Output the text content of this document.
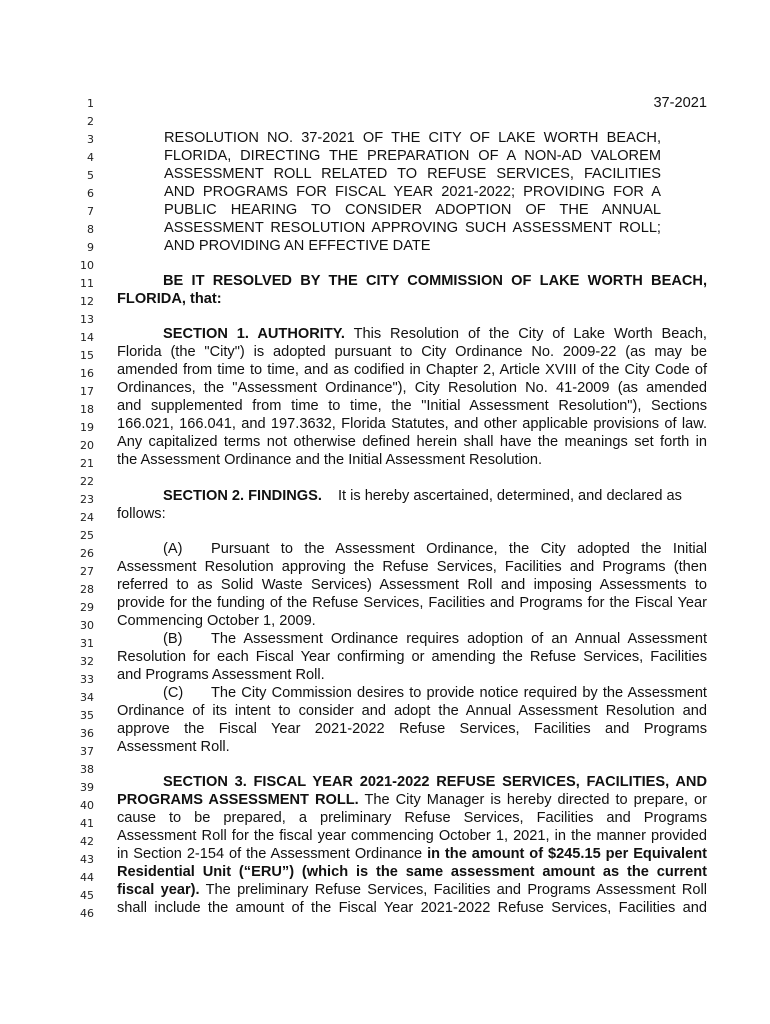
1
2
3
4
5
6
7
8
9
10
11
12
13
14
15
16
17
18
19
20
21
22
23
24
25
26
27
28
29
30
31
32
33
34
35
36
37
38
39
40
41
42
43
44
45
46
37-2021
RESOLUTION NO. 37-2021 OF THE CITY OF LAKE WORTH BEACH,
FLORIDA, DIRECTING THE PREPARATION OF A NON-AD VALOREM
ASSESSMENT ROLL RELATED TO REFUSE SERVICES, FACILITIES
AND PROGRAMS FOR FISCAL YEAR 2021-2022; PROVIDING FOR A
PUBLIC HEARING TO CONSIDER ADOPTION OF THE ANNUAL
ASSESSMENT RESOLUTION APPROVING SUCH ASSESSMENT ROLL;
AND PROVIDING AN EFFECTIVE DATE
BE IT RESOLVED BY THE CITY COMMISSION OF LAKE WORTH BEACH,
FLORIDA, that:
SECTION 1. AUTHORITY. This Resolution of the City of Lake Worth Beach,
Florida (the "City") is adopted pursuant to City Ordinance No. 2009-22 (as may be
amended from time to time, and as codified in Chapter 2, Article XVIII of the City Code of
Ordinances, the "Assessment Ordinance"), City Resolution No. 41-2009 (as amended
and supplemented from time to time, the "Initial Assessment Resolution"), Sections
166.021, 166.041, and 197.3632, Florida Statutes, and other applicable provisions of law.
Any capitalized terms not otherwise defined herein shall have the meanings set forth in
the Assessment Ordinance and the Initial Assessment Resolution.
SECTION 2. FINDINGS. It is hereby ascertained, determined, and declared as
follows:
(A) Pursuant to the Assessment Ordinance, the City adopted the Initial
Assessment Resolution approving the Refuse Services, Facilities and Programs (then
referred to as Solid Waste Services) Assessment Roll and imposing Assessments to
provide for the funding of the Refuse Services, Facilities and Programs for the Fiscal Year
Commencing October 1, 2009.
(B) The Assessment Ordinance requires adoption of an Annual Assessment
Resolution for each Fiscal Year confirming or amending the Refuse Services, Facilities
and Programs Assessment Roll.
(C) The City Commission desires to provide notice required by the Assessment
Ordinance of its intent to consider and adopt the Annual Assessment Resolution and
approve the Fiscal Year 2021-2022 Refuse Services, Facilities and Programs
Assessment Roll.
SECTION 3. FISCAL YEAR 2021-2022 REFUSE SERVICES, FACILITIES, AND
PROGRAMS ASSESSMENT ROLL. The City Manager is hereby directed to prepare, or
cause to be prepared, a preliminary Refuse Services, Facilities and Programs
Assessment Roll for the fiscal year commencing October 1, 2021, in the manner provided
in Section 2-154 of the Assessment Ordinance in the amount of $245.15 per Equivalent
Residential Unit (“ERU”) (which is the same assessment amount as the current
fiscal year). The preliminary Refuse Services, Facilities and Programs Assessment Roll
shall include the amount of the Fiscal Year 2021-2022 Refuse Services, Facilities and
